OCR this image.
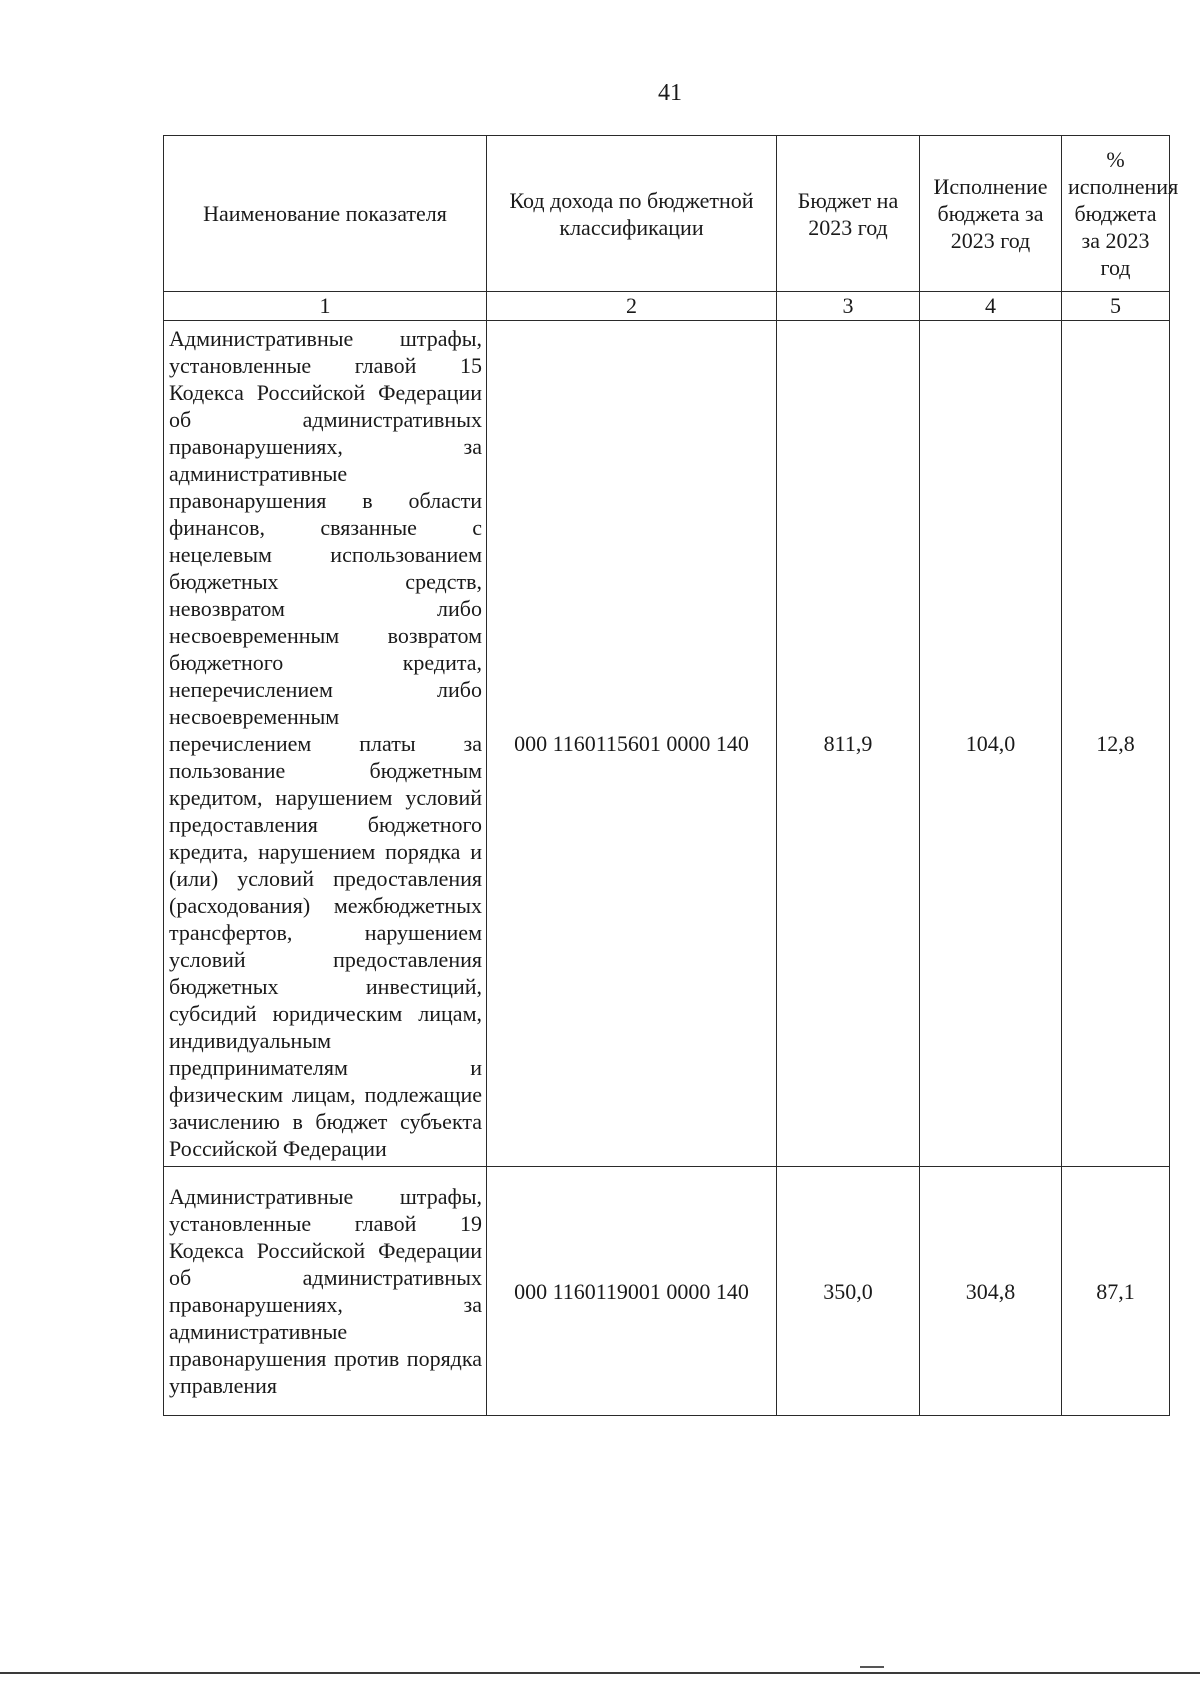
41
Наименование показателя	Код дохода по бюджетной классификации	Бюджет на 2023 год	Исполнение бюджета за 2023 год	% исполнения бюджета за 2023 год
1	2	3	4	5
Административные штрафы, установленные главой 15 Кодекса Российской Федерации об административных правонарушениях, за административные правонарушения в области финансов, связанные с нецелевым использованием бюджетных средств, невозвратом либо несвоевременным возвратом бюджетного кредита, неперечислением либо несвоевременным перечислением платы за пользование бюджетным кредитом, нарушением условий предоставления бюджетного кредита, нарушением порядка и (или) условий предоставления (расходования) межбюджетных трансфертов, нарушением условий предоставления бюджетных инвестиций, субсидий юридическим лицам, индивидуальным предпринимателям и физическим лицам, подлежащие зачислению в бюджет субъекта Российской Федерации	000 1160115601 0000 140	811,9	104,0	12,8
Административные штрафы, установленные главой 19 Кодекса Российской Федерации об административных правонарушениях, за административные правонарушения против порядка управления	000 1160119001 0000 140	350,0	304,8	87,1
